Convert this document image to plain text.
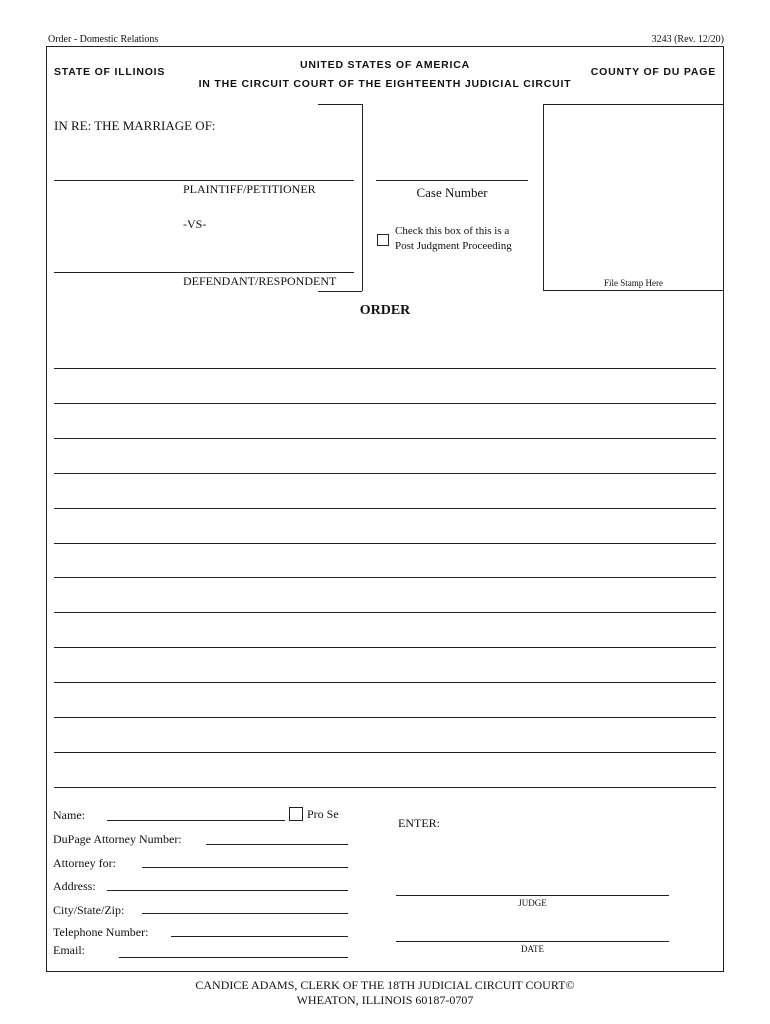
Order - Domestic Relations	3243 (Rev. 12/20)
STATE OF ILLINOIS
UNITED STATES OF AMERICA
IN THE CIRCUIT COURT OF THE EIGHTEENTH JUDICIAL CIRCUIT
COUNTY OF DU PAGE
IN RE: THE MARRIAGE OF:
PLAINTIFF/PETITIONER
-VS-
DEFENDANT/RESPONDENT
Case Number
Check this box of this is a
Post Judgment Proceeding
File Stamp Here
ORDER
Name:	Pro Se
DuPage Attorney Number:
Attorney for:
Address:
City/State/Zip:
Telephone Number:
Email:
ENTER:
JUDGE
DATE
CANDICE ADAMS, CLERK OF THE 18TH JUDICIAL CIRCUIT COURT©
WHEATON, ILLINOIS 60187-0707
